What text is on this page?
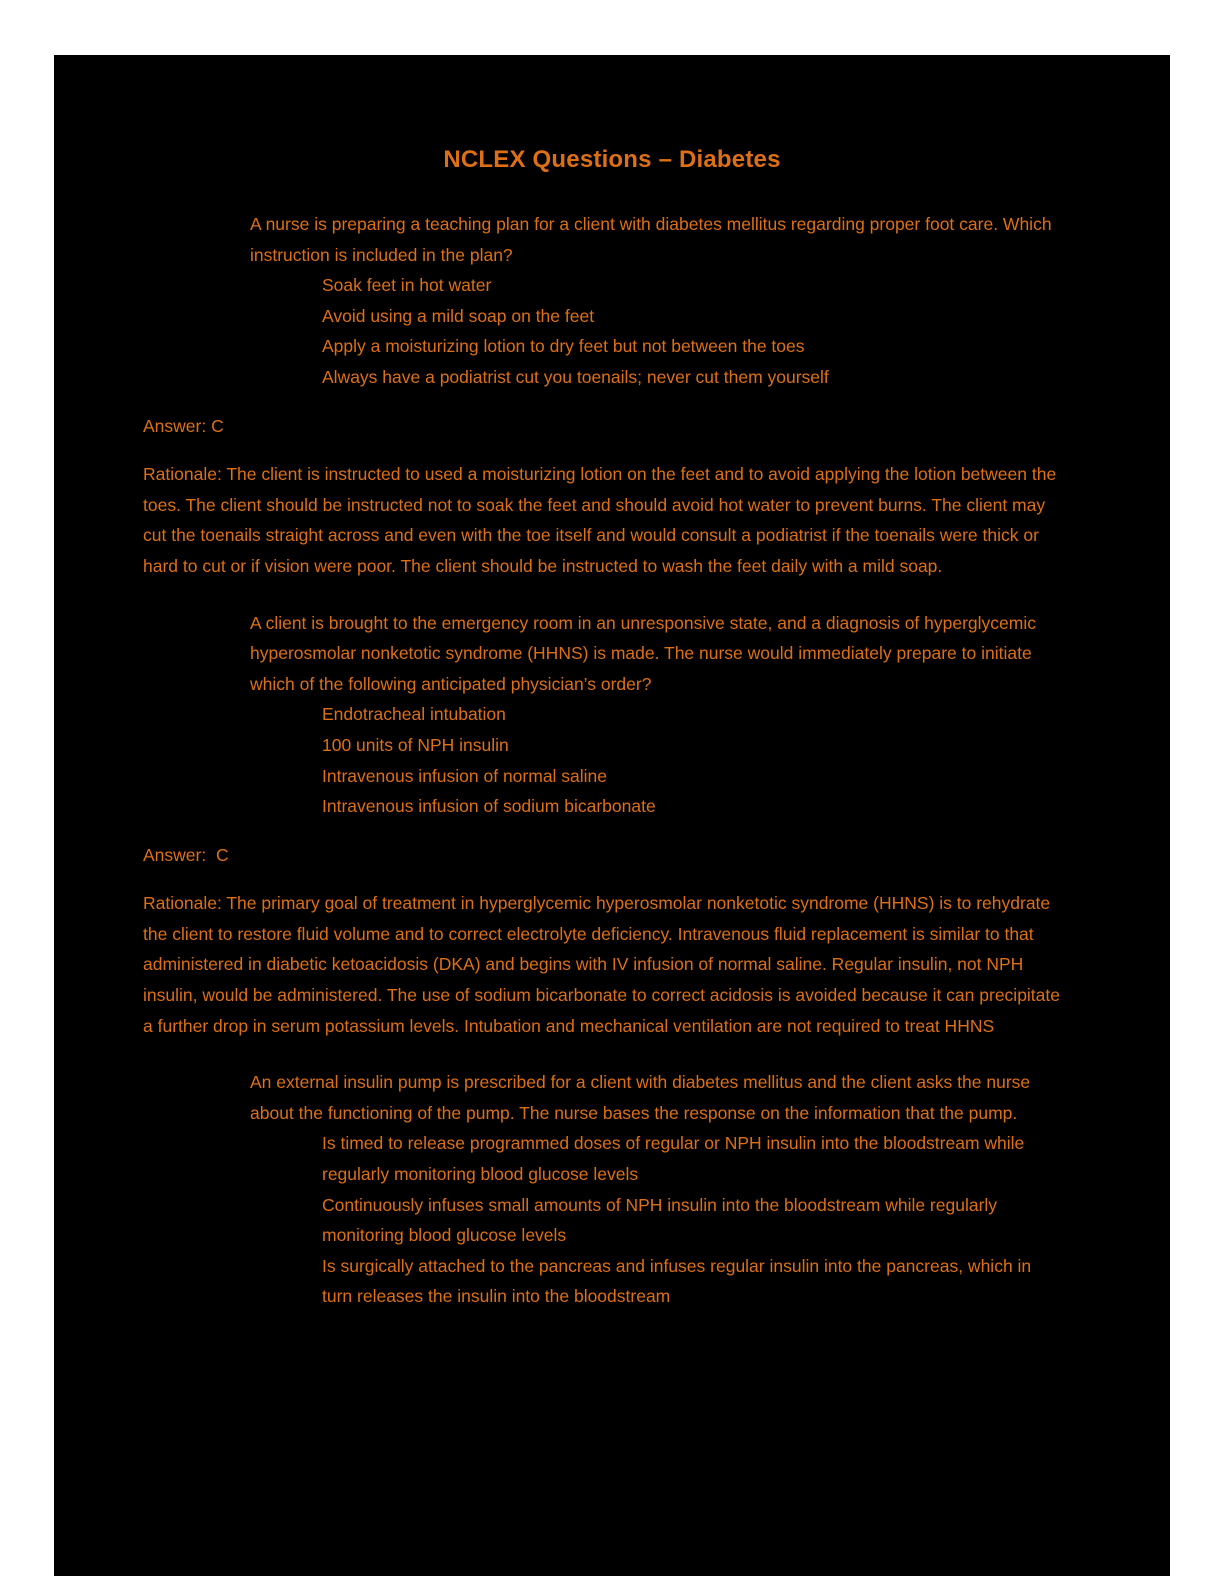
NCLEX Questions – Diabetes

A nurse is preparing a teaching plan for a client with diabetes mellitus regarding proper foot care. Which instruction is included in the plan?

Soak feet in hot water

Avoid using a mild soap on the feet

Apply a moisturizing lotion to dry feet but not between the toes

Always have a podiatrist cut you toenails; never cut them yourself

Answer: C

Rationale: The client is instructed to used a moisturizing lotion on the feet and to avoid applying the lotion between the toes. The client should be instructed not to soak the feet and should avoid hot water to prevent burns. The client may cut the toenails straight across and even with the toe itself and would consult a podiatrist if the toenails were thick or hard to cut or if vision were poor. The client should be instructed to wash the feet daily with a mild soap.

A client is brought to the emergency room in an unresponsive state, and a diagnosis of hyperglycemic hyperosmolar nonketotic syndrome (HHNS) is made. The nurse would immediately prepare to initiate which of the following anticipated physician’s order?

Endotracheal intubation

100 units of NPH insulin

Intravenous infusion of normal saline

Intravenous infusion of sodium bicarbonate

Answer:  C

Rationale: The primary goal of treatment in hyperglycemic hyperosmolar nonketotic syndrome (HHNS) is to rehydrate the client to restore fluid volume and to correct electrolyte deficiency. Intravenous fluid replacement is similar to that administered in diabetic ketoacidosis (DKA) and begins with IV infusion of normal saline. Regular insulin, not NPH insulin, would be administered. The use of sodium bicarbonate to correct acidosis is avoided because it can precipitate a further drop in serum potassium levels. Intubation and mechanical ventilation are not required to treat HHNS

An external insulin pump is prescribed for a client with diabetes mellitus and the client asks the nurse about the functioning of the pump. The nurse bases the response on the information that the pump.

Is timed to release programmed doses of regular or NPH insulin into the bloodstream while regularly monitoring blood glucose levels

Continuously infuses small amounts of NPH insulin into the bloodstream while regularly monitoring blood glucose levels

Is surgically attached to the pancreas and infuses regular insulin into the pancreas, which in turn releases the insulin into the bloodstream
